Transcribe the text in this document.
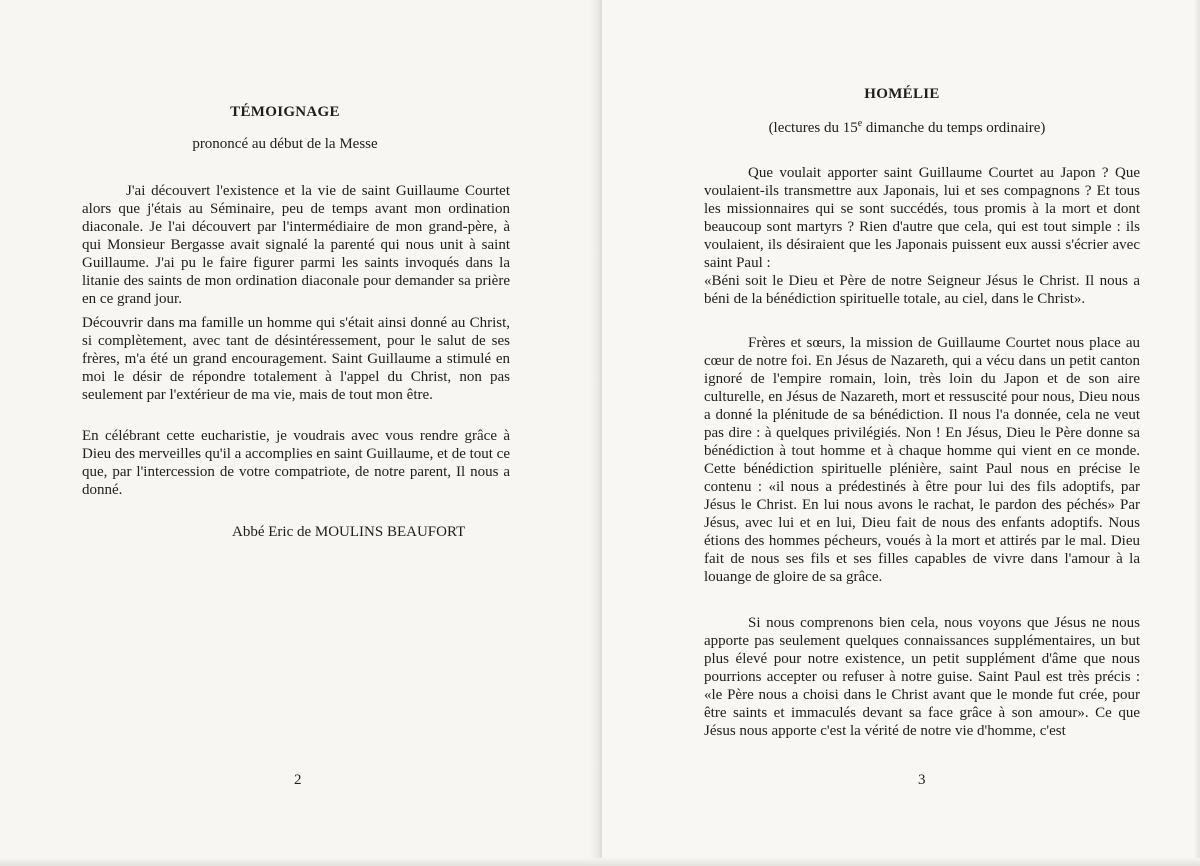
TÉMOIGNAGE
prononcé au début de la Messe

J'ai découvert l'existence et la vie de saint Guillaume Courtet alors que j'étais au Séminaire, peu de temps avant mon ordination diaconale. Je l'ai découvert par l'intermédiaire de mon grand-père, à qui Monsieur Bergasse avait signalé la parenté qui nous unit à saint Guillaume. J'ai pu le faire figurer parmi les saints invoqués dans la litanie des saints de mon ordination diaconale pour demander sa prière en ce grand jour.

Découvrir dans ma famille un homme qui s'était ainsi donné au Christ, si complètement, avec tant de désintéressement, pour le salut de ses frères, m'a été un grand encouragement. Saint Guillaume a stimulé en moi le désir de répondre totalement à l'appel du Christ, non pas seulement par l'extérieur de ma vie, mais de tout mon être.

En célébrant cette eucharistie, je voudrais avec vous rendre grâce à Dieu des merveilles qu'il a accomplies en saint Guillaume, et de tout ce que, par l'intercession de votre compatriote, de notre parent, Il nous a donné.

Abbé Eric de MOULINS BEAUFORT
2
HOMÉLIE
(lectures du 15e dimanche du temps ordinaire)
Que voulait apporter saint Guillaume Courtet au Japon ? Que voulaient-ils transmettre aux Japonais, lui et ses compagnons ? Et tous les missionnaires qui se sont succédés, tous promis à la mort et dont beaucoup sont martyrs ? Rien d'autre que cela, qui est tout simple : ils voulaient, ils désiraient que les Japonais puissent eux aussi s'écrier avec saint Paul :
«Béni soit le Dieu et Père de notre Seigneur Jésus le Christ. Il nous a béni de la bénédiction spirituelle totale, au ciel, dans le Christ».

Frères et sœurs, la mission de Guillaume Courtet nous place au cœur de notre foi. En Jésus de Nazareth, qui a vécu dans un petit canton ignoré de l'empire romain, loin, très loin du Japon et de son aire culturelle, en Jésus de Nazareth, mort et ressuscité pour nous, Dieu nous a donné la plénitude de sa bénédiction. Il nous l'a donnée, cela ne veut pas dire : à quelques privilégiés. Non ! En Jésus, Dieu le Père donne sa bénédiction à tout homme et à chaque homme qui vient en ce monde. Cette bénédiction spirituelle plénière, saint Paul nous en précise le contenu : «il nous a prédestinés à être pour lui des fils adoptifs, par Jésus le Christ. En lui nous avons le rachat, le pardon des péchés» Par Jésus, avec lui et en lui, Dieu fait de nous des enfants adoptifs. Nous étions des hommes pécheurs, voués à la mort et attirés par le mal. Dieu fait de nous ses fils et ses filles capables de vivre dans l'amour à la louange de gloire de sa grâce.

Si nous comprenons bien cela, nous voyons que Jésus ne nous apporte pas seulement quelques connaissances supplémentaires, un but plus élevé pour notre existence, un petit supplément d'âme que nous pourrions accepter ou refuser à notre guise. Saint Paul est très précis : «le Père nous a choisi dans le Christ avant que le monde fut crée, pour être saints et immaculés devant sa face grâce à son amour». Ce que Jésus nous apporte c'est la vérité de notre vie d'homme, c'est

3
